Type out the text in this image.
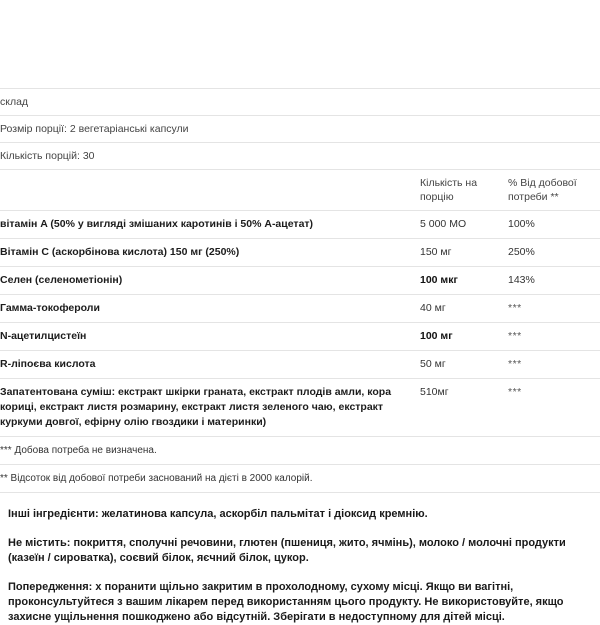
склад		
Розмір порції: 2 вегетаріанські капсули		
Кількість порцій: 30		
	Кількість на порцію	% Від добової потреби **
вітамін A (50% у вигляді змішаних каротинів і 50% A-ацетат)	5 000 МО	100%
Вітамін C (аскорбінова кислота) 150 мг (250%)	150 мг	250%
Селен (селенометіонін)	100 мкг	143%
Гамма-токофероли	40 мг	***
N-ацетилцистеїн	100 мг	***
R-ліпоєва кислота	50 мг	***
Запатентована суміш: екстракт шкірки граната, екстракт плодів амли, кора кориці, екстракт листя розмарину, екстракт листя зеленого чаю, екстракт куркуми довгої, ефірну олію гвоздики і материнки)	510мг	***
*** Добова потреба не визначена.		
** Відсоток від добової потреби заснований на дієті в 2000 калорій.		

Інші інгредієнти: желатинова капсула, аскорбіл пальмітат і діоксид кремнію.

Не містить: покриття, сполучні речовини, глютен (пшениця, жито, ячмінь), молоко / молочні продукти (казеїн / сироватка), соєвий білок, яєчний білок, цукор.

Попередження: х поранити щільно закритим в прохолодному, сухому місці. Якщо ви вагітні, проконсультуйтеся з вашим лікарем перед використанням цього продукту. Не використовуйте, якщо захисне ущільнення пошкоджено або відсутній. Зберігати в недоступному для дітей місці.
